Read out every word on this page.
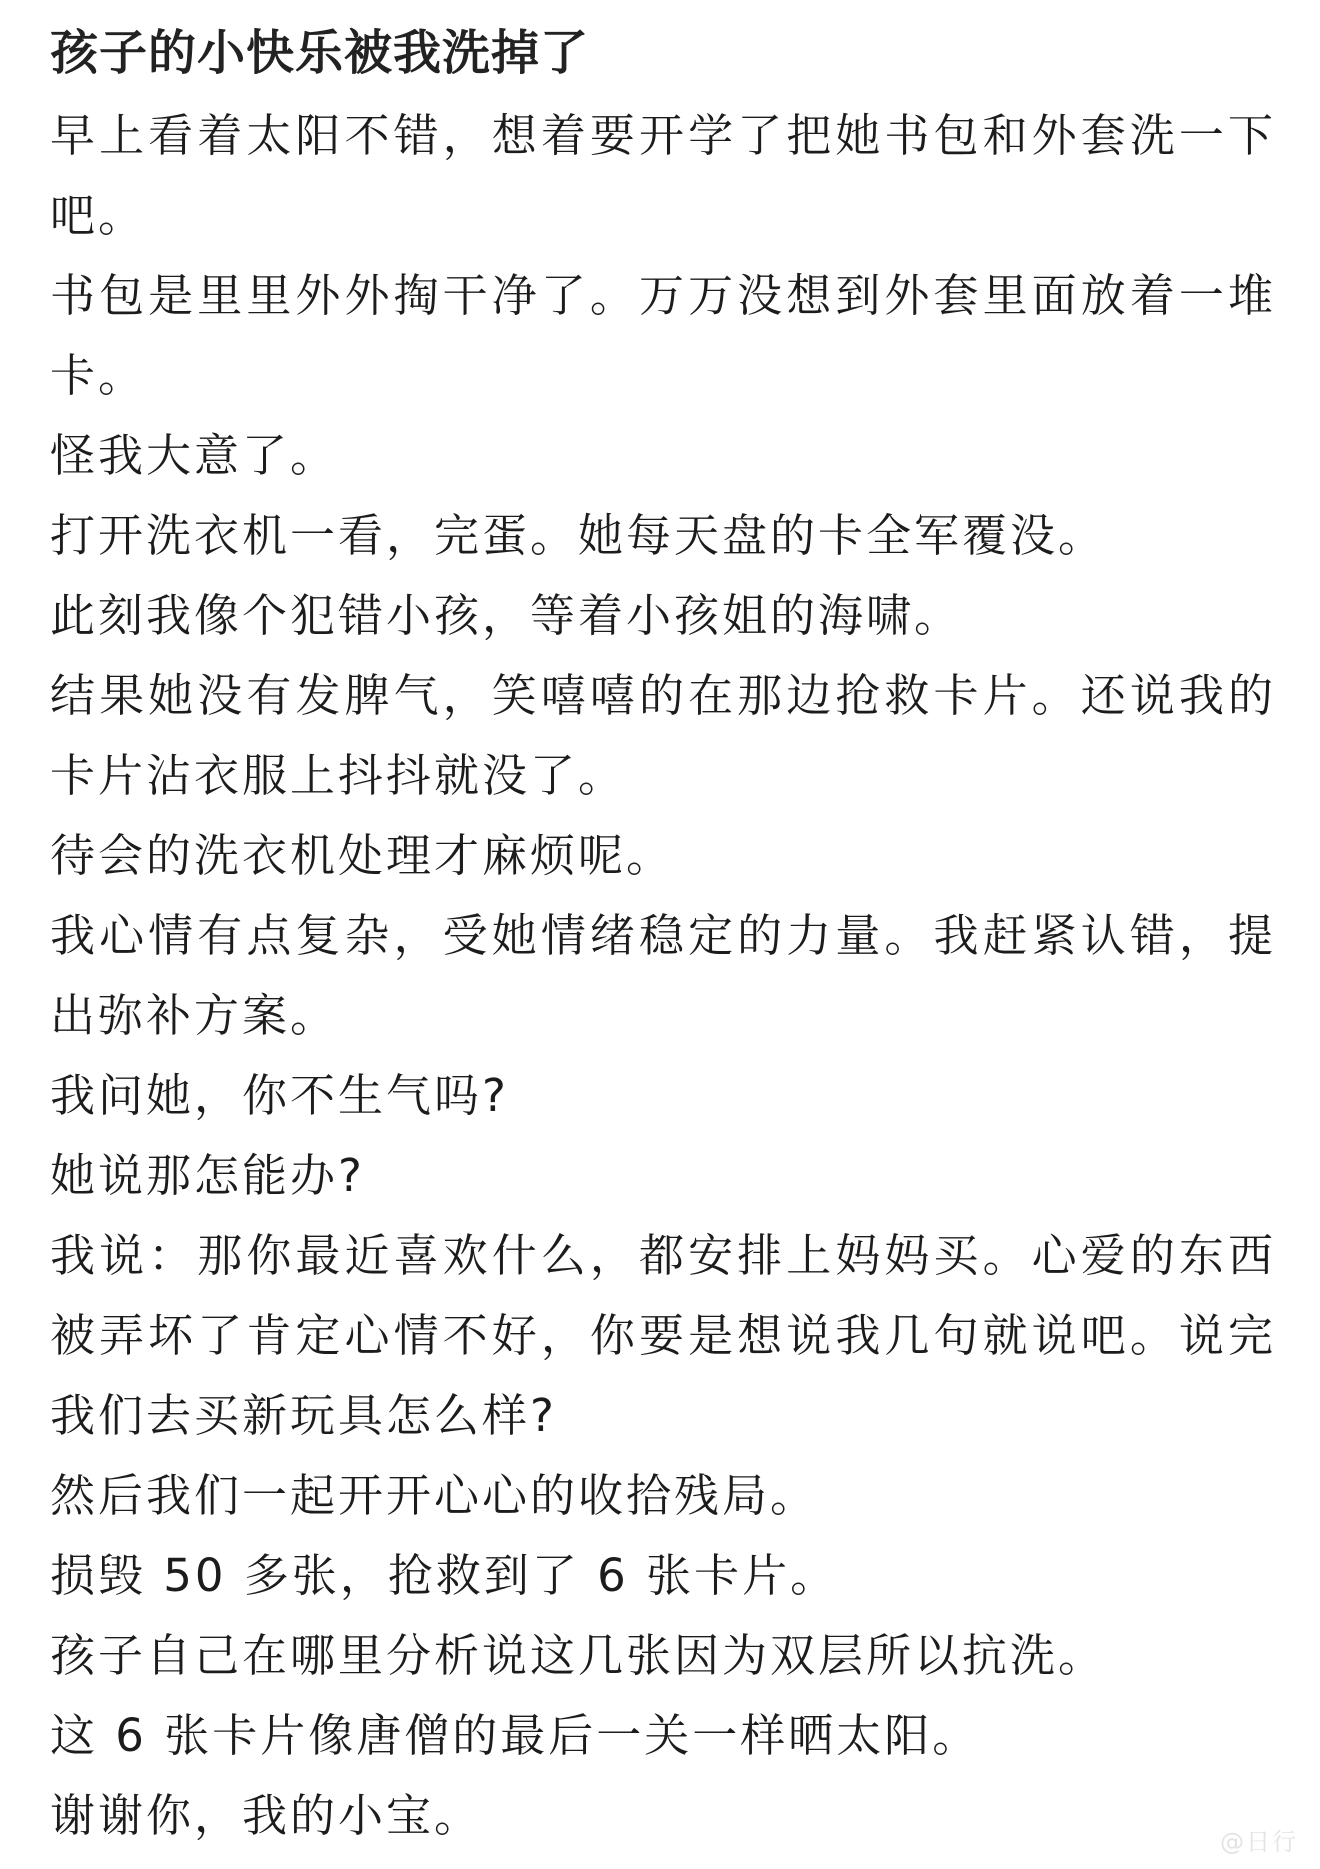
孩子的小快乐被我洗掉了

早上看着太阳不错，想着要开学了把她书包和外套洗一下吧。

书包是里里外外掏干净了。万万没想到外套里面放着一堆卡。

怪我大意了。

打开洗衣机一看，完蛋。她每天盘的卡全军覆没。

此刻我像个犯错小孩，等着小孩姐的海啸。

结果她没有发脾气，笑嘻嘻的在那边抢救卡片。还说我的卡片沾衣服上抖抖就没了。

待会的洗衣机处理才麻烦呢。

我心情有点复杂，受她情绪稳定的力量。我赶紧认错，提出弥补方案。

我问她，你不生气吗?

她说那怎能办?

我说：那你最近喜欢什么，都安排上妈妈买。心爱的东西被弄坏了肯定心情不好，你要是想说我几句就说吧。说完我们去买新玩具怎么样?

然后我们一起开开心心的收拾残局。

损毁 50 多张，抢救到了 6 张卡片。

孩子自己在哪里分析说这几张因为双层所以抗洗。

这 6 张卡片像唐僧的最后一关一样晒太阳。

谢谢你，我的小宝。	@日行
